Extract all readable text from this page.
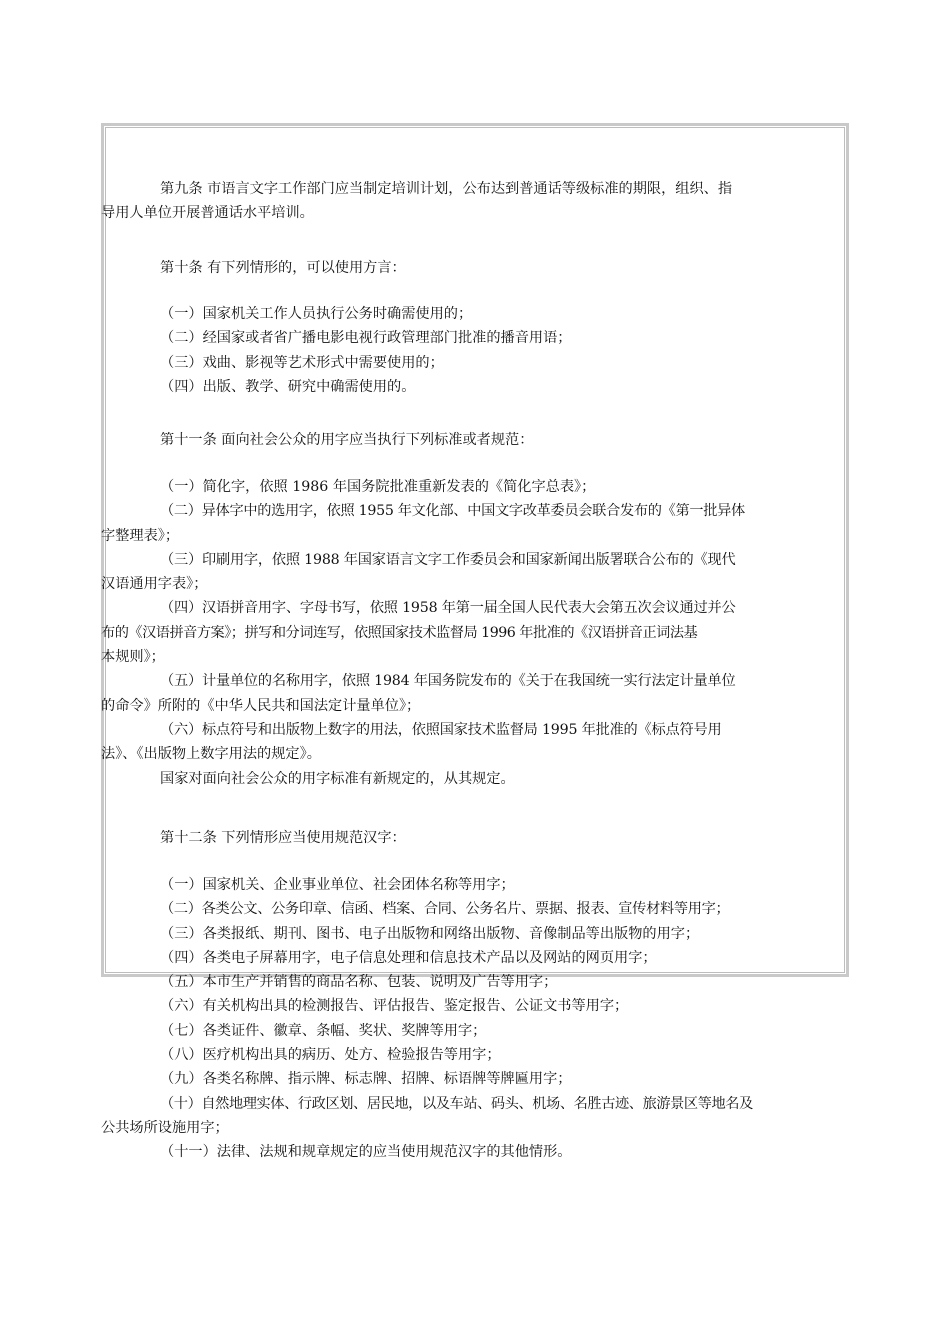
第九条 市语言文字工作部门应当制定培训计划，公布达到普通话等级标准的期限，组织、指
导用人单位开展普通话水平培训。
第十条 有下列情形的，可以使用方言：
（一）国家机关工作人员执行公务时确需使用的；
（二）经国家或者省广播电影电视行政管理部门批准的播音用语；
（三）戏曲、影视等艺术形式中需要使用的；
（四）出版、教学、研究中确需使用的。
第十一条 面向社会公众的用字应当执行下列标准或者规范：
（一）简化字，依照 1986 年国务院批准重新发表的《简化字总表》；
（二）异体字中的选用字，依照 1955 年文化部、中国文字改革委员会联合发布的《第一批异体
字整理表》；
（三）印刷用字，依照 1988 年国家语言文字工作委员会和国家新闻出版署联合公布的《现代
汉语通用字表》；
（四）汉语拼音用字、字母书写，依照 1958 年第一届全国人民代表大会第五次会议通过并公
布的《汉语拼音方案》；拼写和分词连写，依照国家技术监督局 1996 年批准的《汉语拼音正词法基
本规则》；
（五）计量单位的名称用字，依照 1984 年国务院发布的《关于在我国统一实行法定计量单位
的命令》所附的《中华人民共和国法定计量单位》；
（六）标点符号和出版物上数字的用法，依照国家技术监督局 1995 年批准的《标点符号用
法》、《出版物上数字用法的规定》。
国家对面向社会公众的用字标准有新规定的，从其规定。
第十二条 下列情形应当使用规范汉字：
（一）国家机关、企业事业单位、社会团体名称等用字；
（二）各类公文、公务印章、信函、档案、合同、公务名片、票据、报表、宣传材料等用字；
（三）各类报纸、期刊、图书、电子出版物和网络出版物、音像制品等出版物的用字；
（四）各类电子屏幕用字，电子信息处理和信息技术产品以及网站的网页用字；
（五）本市生产并销售的商品名称、包装、说明及广告等用字；
（六）有关机构出具的检测报告、评估报告、鉴定报告、公证文书等用字；
（七）各类证件、徽章、条幅、奖状、奖牌等用字；
（八）医疗机构出具的病历、处方、检验报告等用字；
（九）各类名称牌、指示牌、标志牌、招牌、标语牌等牌匾用字；
（十）自然地理实体、行政区划、居民地，以及车站、码头、机场、名胜古迹、旅游景区等地名及
公共场所设施用字；
（十一）法律、法规和规章规定的应当使用规范汉字的其他情形。
